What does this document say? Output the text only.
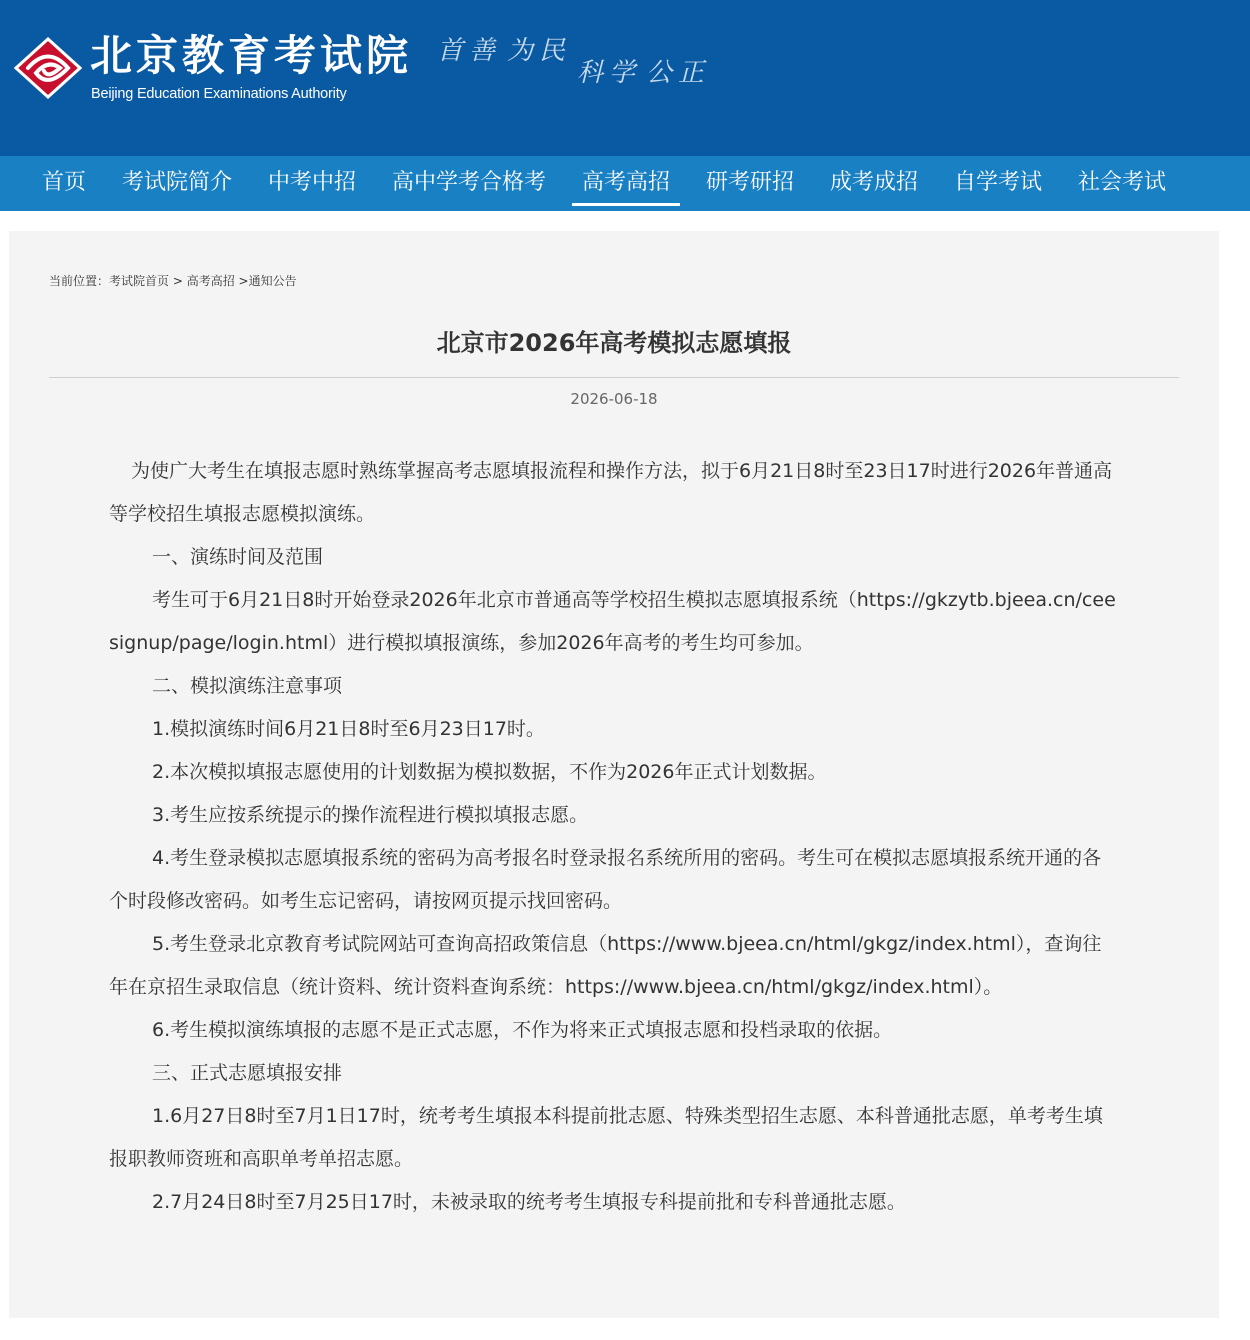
北京教育考试院
Beijing Education Examinations Authority
首善 为民
科学 公正
首页 考试院简介 中考中招 高中学考合格考 高考高招 研考研招 成考成招 自学考试 社会考试
当前位置：考试院首页 > 高考高招 >通知公告
北京市2026年高考模拟志愿填报
2026-06-18

为使广大考生在填报志愿时熟练掌握高考志愿填报流程和操作方法，拟于6月21日8时至23日17时进行2026年普通高等学校招生填报志愿模拟演练。

一、演练时间及范围

考生可于6月21日8时开始登录2026年北京市普通高等学校招生模拟志愿填报系统（https://gkzytb.bjeea.cn/ceesignup/page/login.html）进行模拟填报演练，参加2026年高考的考生均可参加。

二、模拟演练注意事项

1.模拟演练时间6月21日8时至6月23日17时。

2.本次模拟填报志愿使用的计划数据为模拟数据，不作为2026年正式计划数据。

3.考生应按系统提示的操作流程进行模拟填报志愿。

4.考生登录模拟志愿填报系统的密码为高考报名时登录报名系统所用的密码。考生可在模拟志愿填报系统开通的各个时段修改密码。如考生忘记密码，请按网页提示找回密码。

5.考生登录北京教育考试院网站可查询高招政策信息（https://www.bjeea.cn/html/gkgz/index.html），查询往年在京招生录取信息（统计资料、统计资料查询系统：https://www.bjeea.cn/html/gkgz/index.html）。

6.考生模拟演练填报的志愿不是正式志愿，不作为将来正式填报志愿和投档录取的依据。

三、正式志愿填报安排

1.6月27日8时至7月1日17时，统考考生填报本科提前批志愿、特殊类型招生志愿、本科普通批志愿，单考考生填报职教师资班和高职单考单招志愿。

2.7月24日8时至7月25日17时，未被录取的统考考生填报专科提前批和专科普通批志愿。
